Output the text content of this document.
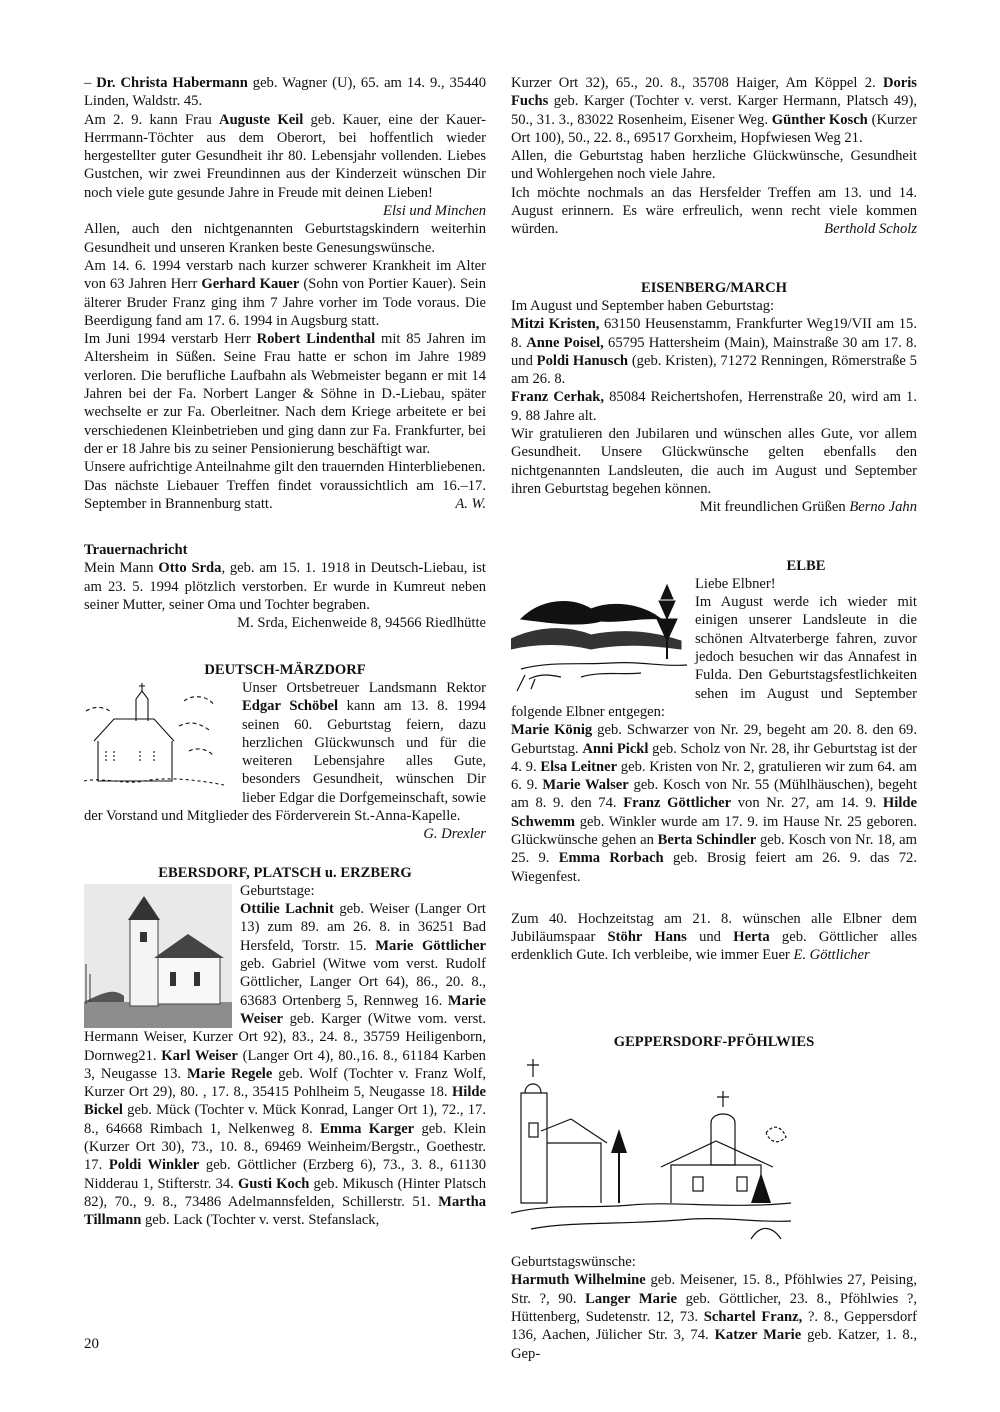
– Dr. Christa Habermann geb. Wagner (U), 65. am 14. 9., 35440 Linden, Waldstr. 45.

Am 2. 9. kann Frau Auguste Keil geb. Kauer, eine der Kauer-Herrmann-Töchter aus dem Oberort, bei hoffentlich wieder hergestellter guter Gesundheit ihr 80. Lebensjahr vollenden. Liebes Gustchen, wir zwei Freundinnen aus der Kinderzeit wünschen Dir noch viele gute gesunde Jahre in Freude mit deinen Lieben!

Elsi und Minchen

Allen, auch den nichtgenannten Geburtstagskindern weiterhin Gesundheit und unseren Kranken beste Genesungswünsche.

Am 14. 6. 1994 verstarb nach kurzer schwerer Krankheit im Alter von 63 Jahren Herr Gerhard Kauer (Sohn von Portier Kauer). Sein älterer Bruder Franz ging ihm 7 Jahre vorher im Tode voraus. Die Beerdigung fand am 17. 6. 1994 in Augsburg statt.

Im Juni 1994 verstarb Herr Robert Lindenthal mit 85 Jahren im Altersheim in Süßen. Seine Frau hatte er schon im Jahre 1989 verloren. Die berufliche Laufbahn als Webmeister begann er mit 14 Jahren bei der Fa. Norbert Langer & Söhne in D.-Liebau, später wechselte er zur Fa. Oberleitner. Nach dem Kriege arbeitete er bei verschiedenen Kleinbetrieben und ging dann zur Fa. Frankfurter, bei der er 18 Jahre bis zu seiner Pensionierung beschäftigt war.

Unsere aufrichtige Anteilnahme gilt den trauernden Hinterbliebenen.

Das nächste Liebauer Treffen findet voraussichtlich am 16.–17. September in Brannenburg statt.	A. W.

Trauernachricht

Mein Mann Otto Srda, geb. am 15. 1. 1918 in Deutsch-Liebau, ist am 23. 5. 1994 plötzlich verstorben. Er wurde in Kumreut neben seiner Mutter, seiner Oma und Tochter begraben.

M. Srda, Eichenweide 8, 94566 Riedlhütte

DEUTSCH-MÄRZDORF

Unser Ortsbetreuer Landsmann Rektor Edgar Schöbel kann am 13. 8. 1994 seinen 60. Geburtstag feiern, dazu herzlichen Glückwunsch und für die weiteren Lebensjahre alles Gute, besonders Gesundheit, wünschen Dir lieber Edgar die Dorfgemeinschaft, sowie der Vorstand und Mitglieder des Förderverein St.-Anna-Kapelle.
G. Drexler

EBERSDORF, PLATSCH u. ERZBERG

Geburtstage:
Ottilie Lachnit geb. Weiser (Langer Ort 13) zum 89. am 26. 8. in 36251 Bad Hersfeld, Torstr. 15. Marie Göttlicher geb. Gabriel (Witwe vom verst. Rudolf Göttlicher, Langer Ort 64), 86., 20. 8., 63683 Ortenberg 5, Rennweg 16. Marie Weiser geb. Karger (Witwe vom. verst. Hermann Weiser, Kurzer Ort 92), 83., 24. 8., 35759 Heiligenborn, Dornweg21. Karl Weiser (Langer Ort 4), 80.,16. 8., 61184 Karben 3, Neugasse 13. Marie Regele geb. Wolf (Tochter v. Franz Wolf, Kurzer Ort 29), 80. , 17. 8., 35415 Pohlheim 5, Neugasse 18. Hilde Bickel geb. Mück (Tochter v. Mück Konrad, Langer Ort 1), 72., 17. 8., 64668 Rimbach 1, Nelkenweg 8. Emma Karger geb. Klein (Kurzer Ort 30), 73., 10. 8., 69469 Weinheim/Bergstr., Goethestr. 17. Poldi Winkler geb. Göttlicher (Erzberg 6), 73., 3. 8., 61130 Nidderau 1, Stifterstr. 34. Gusti Koch geb. Mikusch (Hinter Platsch 82), 70., 9. 8., 73486 Adelmannsfelden, Schillerstr. 51. Martha Tillmann geb. Lack (Tochter v. verst. Stefanslack,

Kurzer Ort 32), 65., 20. 8., 35708 Haiger, Am Köppel 2. Doris Fuchs geb. Karger (Tochter v. verst. Karger Hermann, Platsch 49), 50., 31. 3., 83022 Rosenheim, Eisener Weg. Günther Kosch (Kurzer Ort 100), 50., 22. 8., 69517 Gorxheim, Hopfwiesen Weg 21.

Allen, die Geburtstag haben herzliche Glückwünsche, Gesundheit und Wohlergehen noch viele Jahre.

Ich möchte nochmals an das Hersfelder Treffen am 13. und 14. August erinnern. Es wäre erfreulich, wenn recht viele kommen würden.	Berthold Scholz

EISENBERG/MARCH

Im August und September haben Geburtstag:

Mitzi Kristen, 63150 Heusenstamm, Frankfurter Weg19/VII am 15. 8. Anne Poisel, 65795 Hattersheim (Main), Mainstraße 30 am 17. 8. und Poldi Hanusch (geb. Kristen), 71272 Renningen, Römerstraße 5 am 26. 8.

Franz Cerhak, 85084 Reichertshofen, Herrenstraße 20, wird am 1. 9. 88 Jahre alt.

Wir gratulieren den Jubilaren und wünschen alles Gute, vor allem Gesundheit. Unsere Glückwünsche gelten ebenfalls den nichtgenannten Landsleuten, die auch im August und September ihren Geburtstag begehen können.

Mit freundlichen Grüßen Berno Jahn

ELBE

Liebe Elbner!

Im August werde ich wieder mit einigen unserer Landsleute in die schönen Altvaterberge fahren, zuvor jedoch besuchen wir das Annafest in Fulda. Den Geburtstagsfestlichkeiten sehen im August und September folgende Elbner entgegen:

Marie König geb. Schwarzer von Nr. 29, begeht am 20. 8. den 69. Geburtstag. Anni Pickl geb. Scholz von Nr. 28, ihr Geburtstag ist der 4. 9. Elsa Leitner geb. Kristen von Nr. 2, gratulieren wir zum 64. am 6. 9. Marie Walser geb. Kosch von Nr. 55 (Mühlhäuschen), begeht am 8. 9. den 74. Franz Göttlicher von Nr. 27, am 14. 9. Hilde Schwemm geb. Winkler wurde am 17. 9. im Hause Nr. 25 geboren. Glückwünsche gehen an Berta Schindler geb. Kosch von Nr. 18, am 25. 9. Emma Rorbach geb. Brosig feiert am 26. 9. das 72. Wiegenfest.

Zum 40. Hochzeitstag am 21. 8. wünschen alle Elbner dem Jubiläumspaar Stöhr Hans und Herta geb. Göttlicher alles erdenklich Gute. Ich verbleibe, wie immer Euer E. Göttlicher

GEPPERSDORF-PFÖHLWIES

Geburtstagswünsche:
Harmuth Wilhelmine geb. Meisener, 15. 8., Pföhlwies 27, Peising, Str. ?, 90. Langer Marie geb. Göttlicher, 23. 8., Pföhlwies ?, Hüttenberg, Sudetenstr. 12, 73. Schartel Franz, ?. 8., Geppersdorf 136, Aachen, Jülicher Str. 3, 74. Katzer Marie geb. Katzer, 1. 8., Gep-

20
